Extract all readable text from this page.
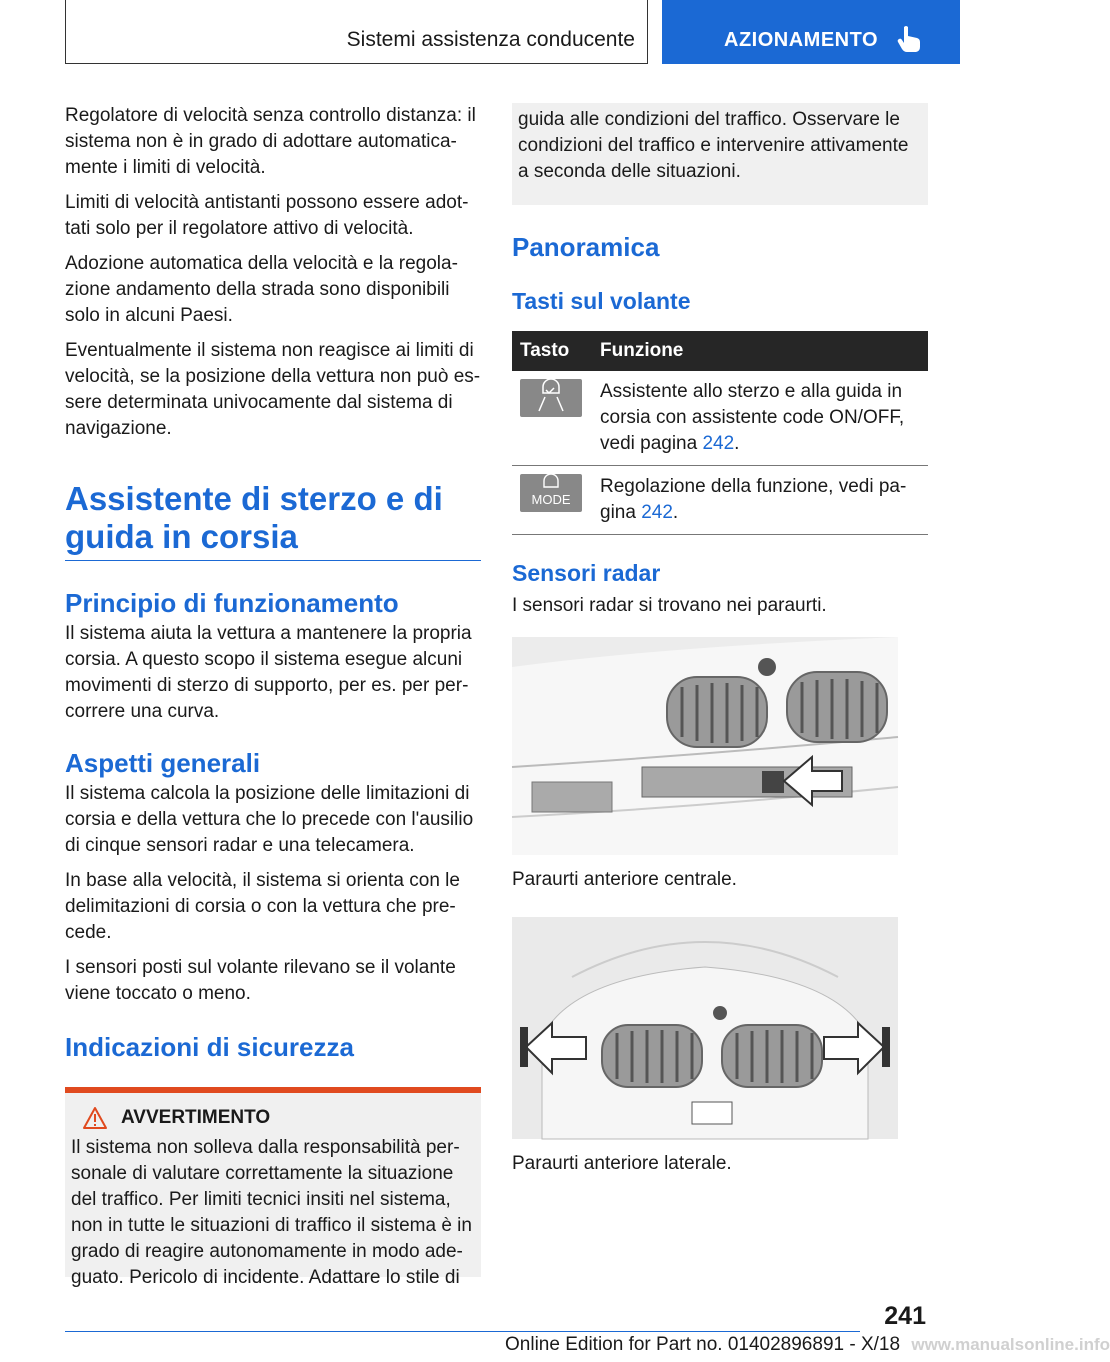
Sistemi assistenza conducente	AZIONAMENTO

Regolatore di velocità senza controllo distanza: il sistema non è in grado di adottare automatica-mente i limiti di velocità.

Limiti di velocità antistanti possono essere adot-tati solo per il regolatore attivo di velocità.

Adozione automatica della velocità e la regola-zione andamento della strada sono disponibili solo in alcuni Paesi.

Eventualmente il sistema non reagisce ai limiti di velocità, se la posizione della vettura non può es-sere determinata univocamente dal sistema di navigazione.

Assistente di sterzo e di guida in corsia
Principio di funzionamento

Il sistema aiuta la vettura a mantenere la propria corsia. A questo scopo il sistema esegue alcuni movimenti di sterzo di supporto, per es. per per-correre una curva.

Aspetti generali

Il sistema calcola la posizione delle limitazioni di corsia e della vettura che lo precede con l'ausilio di cinque sensori radar e una telecamera.

In base alla velocità, il sistema si orienta con le delimitazioni di corsia o con la vettura che pre-cede.

I sensori posti sul volante rilevano se il volante viene toccato o meno.

Indicazioni di sicurezza
AVVERTIMENTO

Il sistema non solleva dalla responsabilità per-sonale di valutare correttamente la situazione del traffico. Per limiti tecnici insiti nel sistema, non in tutte le situazioni di traffico il sistema è in grado di reagire autonomamente in modo ade-guato. Pericolo di incidente. Adattare lo stile di

guida alle condizioni del traffico. Osservare le condizioni del traffico e intervenire attivamente a seconda delle situazioni.

Panoramica
Tasti sul volante
Tasto	Funzione

	Assistente allo sterzo e alla guida in corsia con assistente code ON/OFF, vedi pagina 242.

MODE	Regolazione della funzione, vedi pa-gina 242.
Sensori radar

I sensori radar si trovano nei paraurti.

Paraurti anteriore centrale.
Paraurti anteriore laterale.
241
Online Edition for Part no. 01402896891 - X/18 www.manualsonline.info
